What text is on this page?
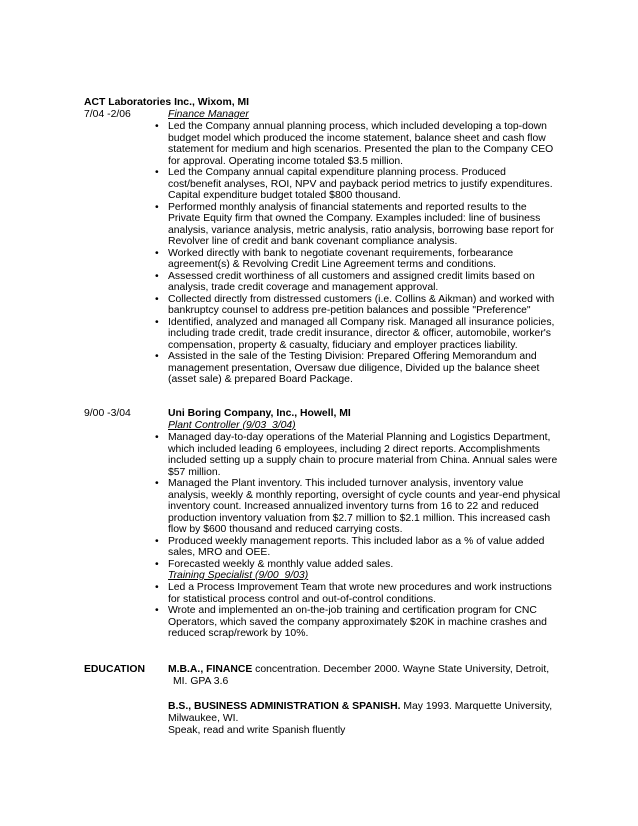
ACT Laboratories Inc., Wixom, MI
7/04 -2/06	Finance Manager
• Led the Company annual planning process, which included developing a top-down
budget model which produced the income statement, balance sheet and cash flow
statement for medium and high scenarios. Presented the plan to the Company CEO
for approval. Operating income totaled $3.5 million.
• Led the Company annual capital expenditure planning process. Produced
cost/benefit analyses, ROI, NPV and payback period metrics to justify expenditures.
Capital expenditure budget totaled $800 thousand.
• Performed monthly analysis of financial statements and reported results to the
Private Equity firm that owned the Company. Examples included: line of business
analysis, variance analysis, metric analysis, ratio analysis, borrowing base report for
Revolver line of credit and bank covenant compliance analysis.
• Worked directly with bank to negotiate covenant requirements, forbearance
agreement(s) & Revolving Credit Line Agreement terms and conditions.
• Assessed credit worthiness of all customers and assigned credit limits based on
analysis, trade credit coverage and management approval.
• Collected directly from distressed customers (i.e. Collins & Aikman) and worked with
bankruptcy counsel to address pre-petition balances and possible "Preference"
• Identified, analyzed and managed all Company risk. Managed all insurance policies,
including trade credit, trade credit insurance, director & officer, automobile, worker's
compensation, property & casualty, fiduciary and employer practices liability.
• Assisted in the sale of the Testing Division: Prepared Offering Memorandum and
management presentation, Oversaw due diligence, Divided up the balance sheet
(asset sale) & prepared Board Package.
9/00 -3/04	Uni Boring Company, Inc., Howell, MI
Plant Controller (9/03_3/04)
• Managed day-to-day operations of the Material Planning and Logistics Department,
which included leading 6 employees, including 2 direct reports. Accomplishments
included setting up a supply chain to procure material from China. Annual sales were
$57 million.
• Managed the Plant inventory. This included turnover analysis, inventory value
analysis, weekly & monthly reporting, oversight of cycle counts and year-end physical
inventory count. Increased annualized inventory turns from 16 to 22 and reduced
production inventory valuation from $2.7 million to $2.1 million. This increased cash
flow by $600 thousand and reduced carrying costs.
• Produced weekly management reports. This included labor as a % of value added
sales, MRO and OEE.
• Forecasted weekly & monthly value added sales.
Training Specialist (9/00_9/03)
• Led a Process Improvement Team that wrote new procedures and work instructions
for statistical process control and out-of-control conditions.
• Wrote and implemented an on-the-job training and certification program for CNC
Operators, which saved the company approximately $20K in machine crashes and
reduced scrap/rework by 10%.
EDUCATION M.B.A., FINANCE concentration. December 2000. Wayne State University, Detroit,
MI. GPA 3.6
B.S., BUSINESS ADMINISTRATION & SPANISH. May 1993. Marquette University,
Milwaukee, WI.
Speak, read and write Spanish fluently
